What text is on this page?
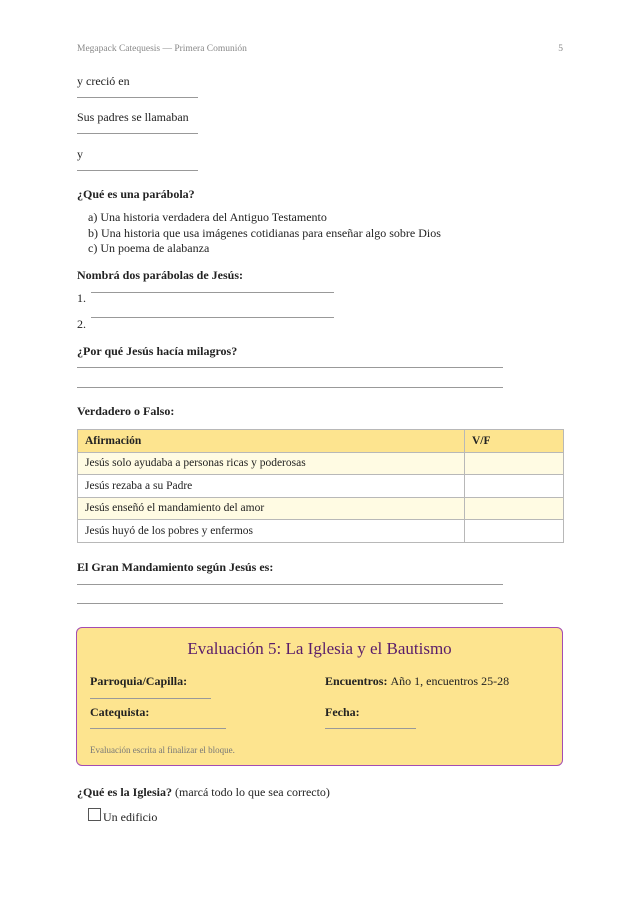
Megapack Catequesis — Primera Comunión	5
y creció en
Sus padres se llamaban
y
¿Qué es una parábola?
a) Una historia verdadera del Antiguo Testamento
b) Una historia que usa imágenes cotidianas para enseñar algo sobre Dios
c) Un poema de alabanza
Nombrá dos parábolas de Jesús:
1.
2.
¿Por qué Jesús hacía milagros?
Verdadero o Falso:
Afirmación	V/F
Jesús solo ayudaba a personas ricas y poderosas	
Jesús rezaba a su Padre	
Jesús enseñó el mandamiento del amor	
Jesús huyó de los pobres y enfermos	
El Gran Mandamiento según Jesús es:
Evaluación 5: La Iglesia y el Bautismo
Parroquia/Capilla:	Encuentros: Año 1, encuentros 25-28
Catequista:	Fecha:
Evaluación escrita al finalizar el bloque.
¿Qué es la Iglesia? (marcá todo lo que sea correcto)
Un edificio
